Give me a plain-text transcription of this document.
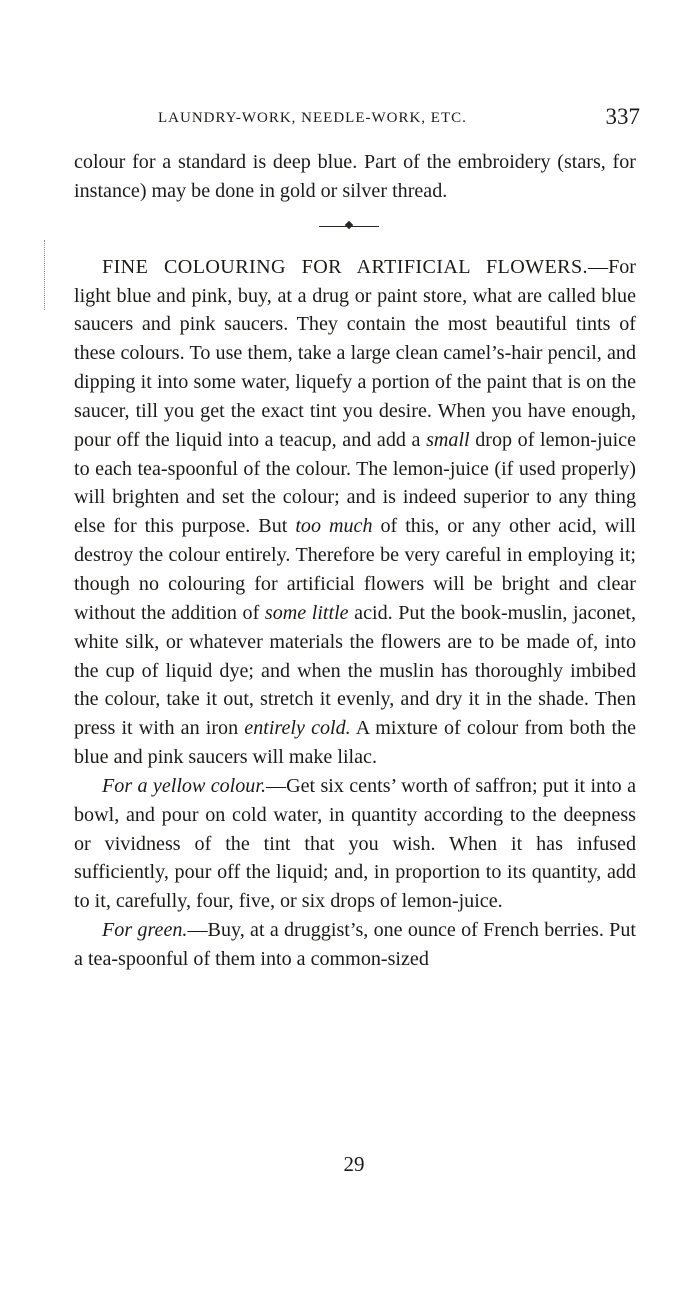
LAUNDRY-WORK, NEEDLE-WORK, ETC.	337

colour for a standard is deep blue. Part of the embroidery (stars, for instance) may be done in gold or silver thread.

FINE COLOURING FOR ARTIFICIAL FLOWERS.—For light blue and pink, buy, at a drug or paint store, what are called blue saucers and pink saucers. They contain the most beautiful tints of these colours. To use them, take a large clean camel’s-hair pencil, and dipping it into some water, liquefy a portion of the paint that is on the saucer, till you get the exact tint you desire. When you have enough, pour off the liquid into a teacup, and add a small drop of lemon-juice to each tea-spoonful of the colour. The lemon-juice (if used properly) will brighten and set the colour; and is indeed superior to any thing else for this purpose. But too much of this, or any other acid, will destroy the colour entirely. Therefore be very careful in employing it; though no colouring for artificial flowers will be bright and clear without the addition of some little acid. Put the book-muslin, jaconet, white silk, or whatever materials the flowers are to be made of, into the cup of liquid dye; and when the muslin has thoroughly imbibed the colour, take it out, stretch it evenly, and dry it in the shade. Then press it with an iron entirely cold. A mixture of colour from both the blue and pink saucers will make lilac.

For a yellow colour.—Get six cents’ worth of saffron; put it into a bowl, and pour on cold water, in quantity according to the deepness or vividness of the tint that you wish. When it has infused sufficiently, pour off the liquid; and, in proportion to its quantity, add to it, carefully, four, five, or six drops of lemon-juice.

For green.—Buy, at a druggist’s, one ounce of French berries. Put a tea-spoonful of them into a common-sized

29
